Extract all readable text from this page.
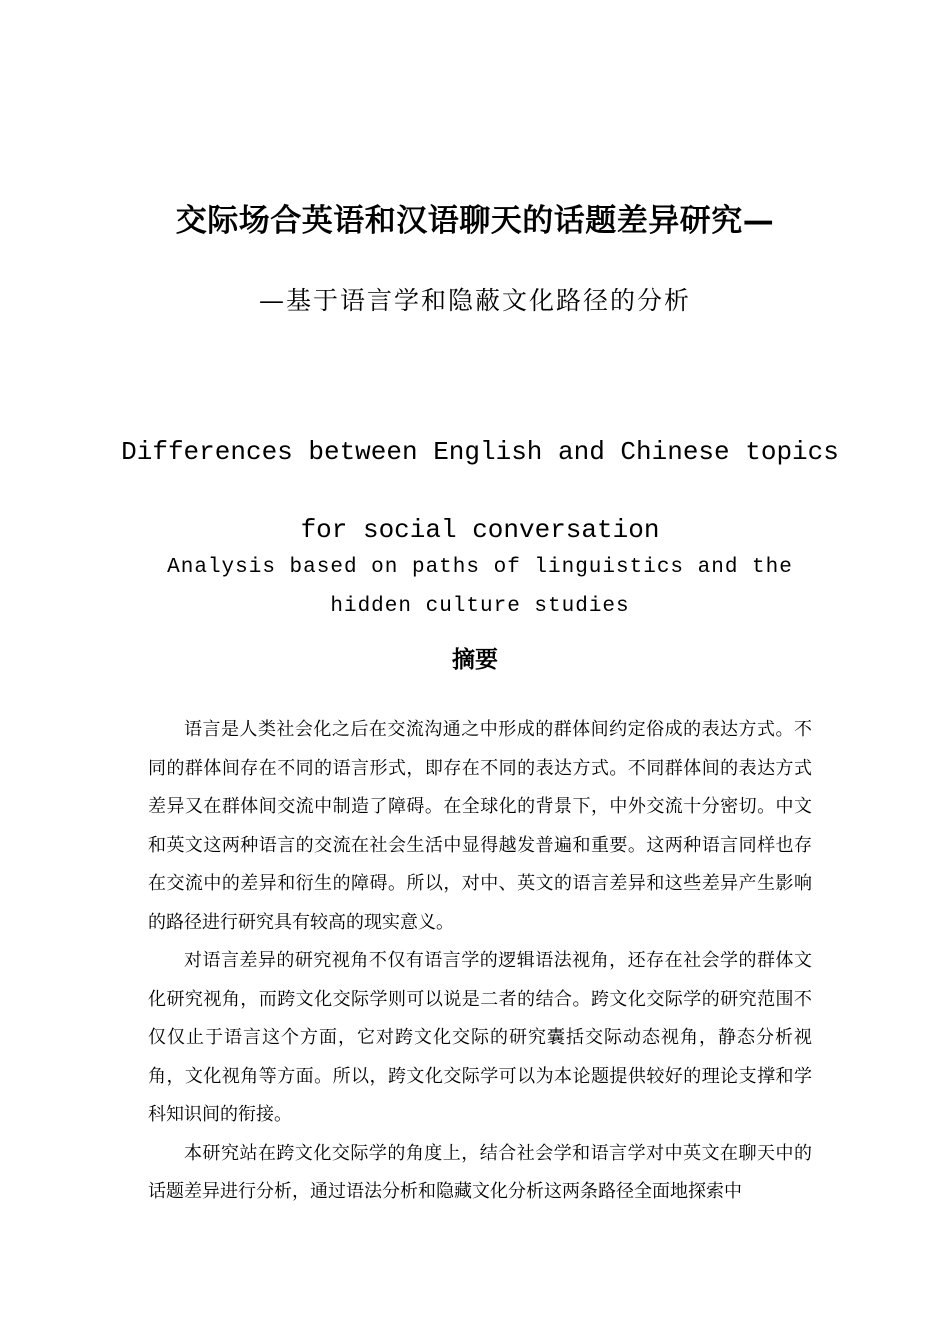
交际场合英语和汉语聊天的话题差异研究—
—基于语言学和隐蔽文化路径的分析
Differences between English and Chinese topics for social conversation
Analysis based on paths of linguistics and the hidden culture studies
摘要

语言是人类社会化之后在交流沟通之中形成的群体间约定俗成的表达方式。不同的群体间存在不同的语言形式，即存在不同的表达方式。不同群体间的表达方式差异又在群体间交流中制造了障碍。在全球化的背景下，中外交流十分密切。中文和英文这两种语言的交流在社会生活中显得越发普遍和重要。这两种语言同样也存在交流中的差异和衍生的障碍。所以，对中、英文的语言差异和这些差异产生影响的路径进行研究具有较高的现实意义。

对语言差异的研究视角不仅有语言学的逻辑语法视角，还存在社会学的群体文化研究视角，而跨文化交际学则可以说是二者的结合。跨文化交际学的研究范围不仅仅止于语言这个方面，它对跨文化交际的研究囊括交际动态视角，静态分析视角，文化视角等方面。所以，跨文化交际学可以为本论题提供较好的理论支撑和学科知识间的衔接。

本研究站在跨文化交际学的角度上，结合社会学和语言学对中英文在聊天中的话题差异进行分析，通过语法分析和隐藏文化分析这两条路径全面地探索中
